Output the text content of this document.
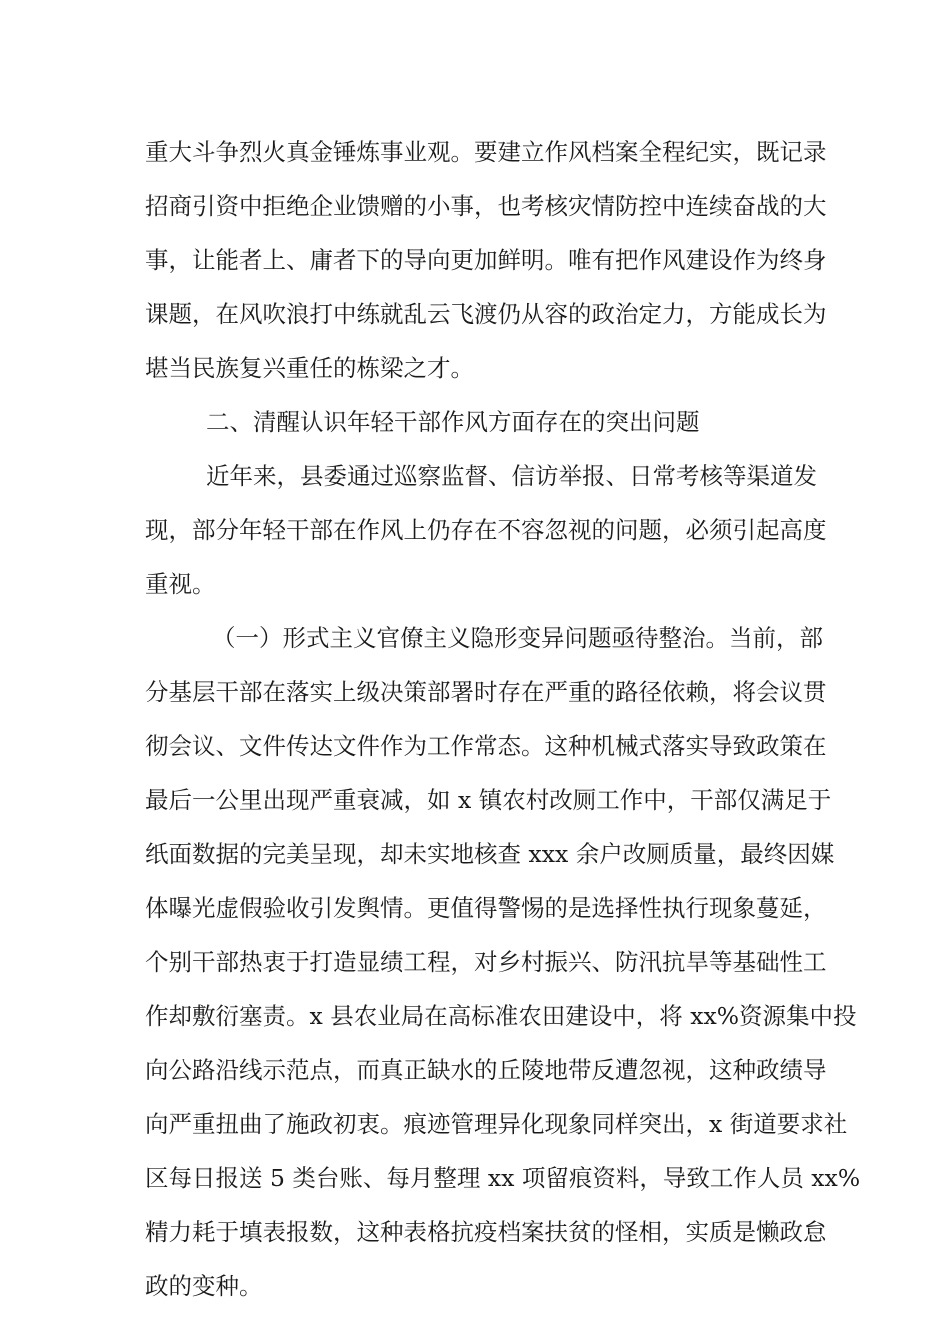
重大斗争烈火真金锤炼事业观。要建立作风档案全程纪实，既记录
招商引资中拒绝企业馈赠的小事，也考核灾情防控中连续奋战的大
事，让能者上、庸者下的导向更加鲜明。唯有把作风建设作为终身
课题，在风吹浪打中练就乱云飞渡仍从容的政治定力，方能成长为
堪当民族复兴重任的栋梁之才。
二、清醒认识年轻干部作风方面存在的突出问题
近年来，县委通过巡察监督、信访举报、日常考核等渠道发
现，部分年轻干部在作风上仍存在不容忽视的问题，必须引起高度
重视。
（一）形式主义官僚主义隐形变异问题亟待整治。当前，部
分基层干部在落实上级决策部署时存在严重的路径依赖，将会议贯
彻会议、文件传达文件作为工作常态。这种机械式落实导致政策在
最后一公里出现严重衰减，如 x 镇农村改厕工作中，干部仅满足于
纸面数据的完美呈现，却未实地核查 xxx 余户改厕质量，最终因媒
体曝光虚假验收引发舆情。更值得警惕的是选择性执行现象蔓延，
个别干部热衷于打造显绩工程，对乡村振兴、防汛抗旱等基础性工
作却敷衍塞责。x 县农业局在高标准农田建设中，将 xx%资源集中投
向公路沿线示范点，而真正缺水的丘陵地带反遭忽视，这种政绩导
向严重扭曲了施政初衷。痕迹管理异化现象同样突出，x 街道要求社
区每日报送 5 类台账、每月整理 xx 项留痕资料，导致工作人员 xx%
精力耗于填表报数，这种表格抗疫档案扶贫的怪相，实质是懒政怠
政的变种。
